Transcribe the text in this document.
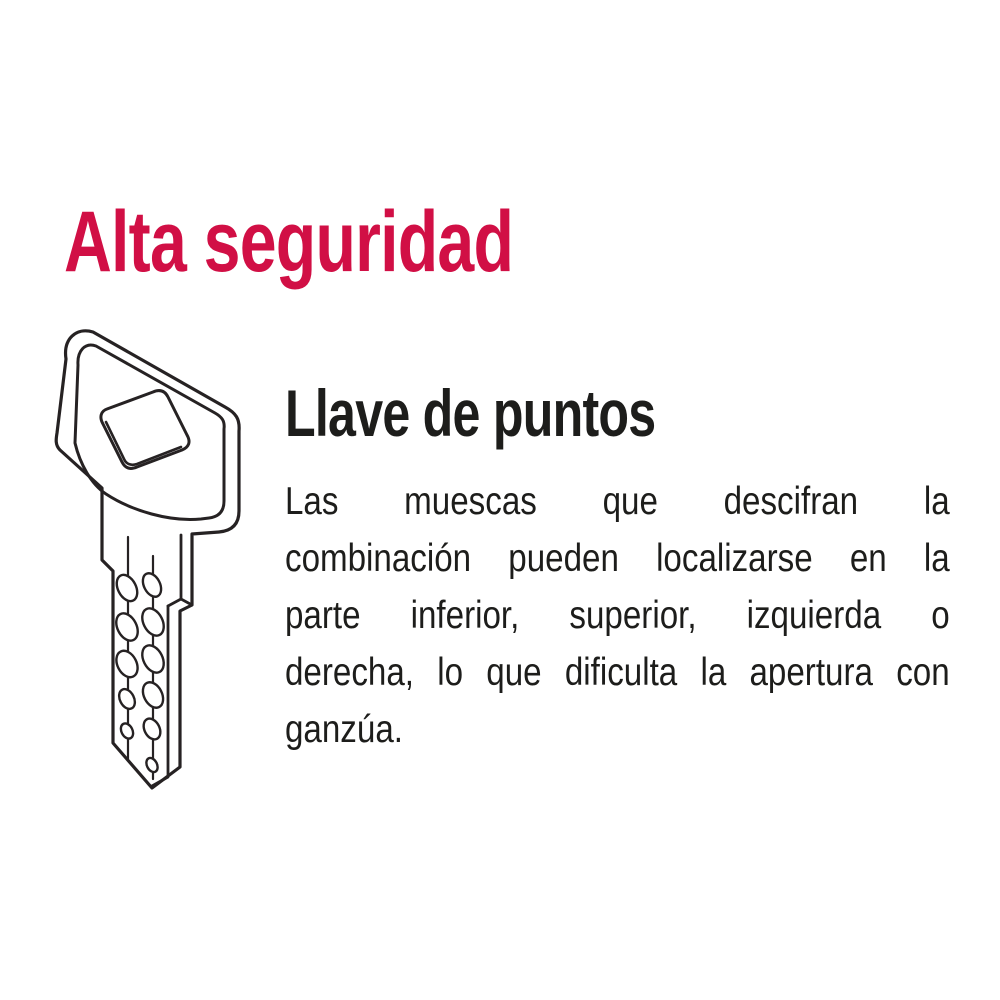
Alta seguridad
Llave de puntos
Las muescas que descifran la
combinación pueden localizarse en la
parte inferior, superior, izquierda o
derecha, lo que dificulta la apertura con
ganzúa.
